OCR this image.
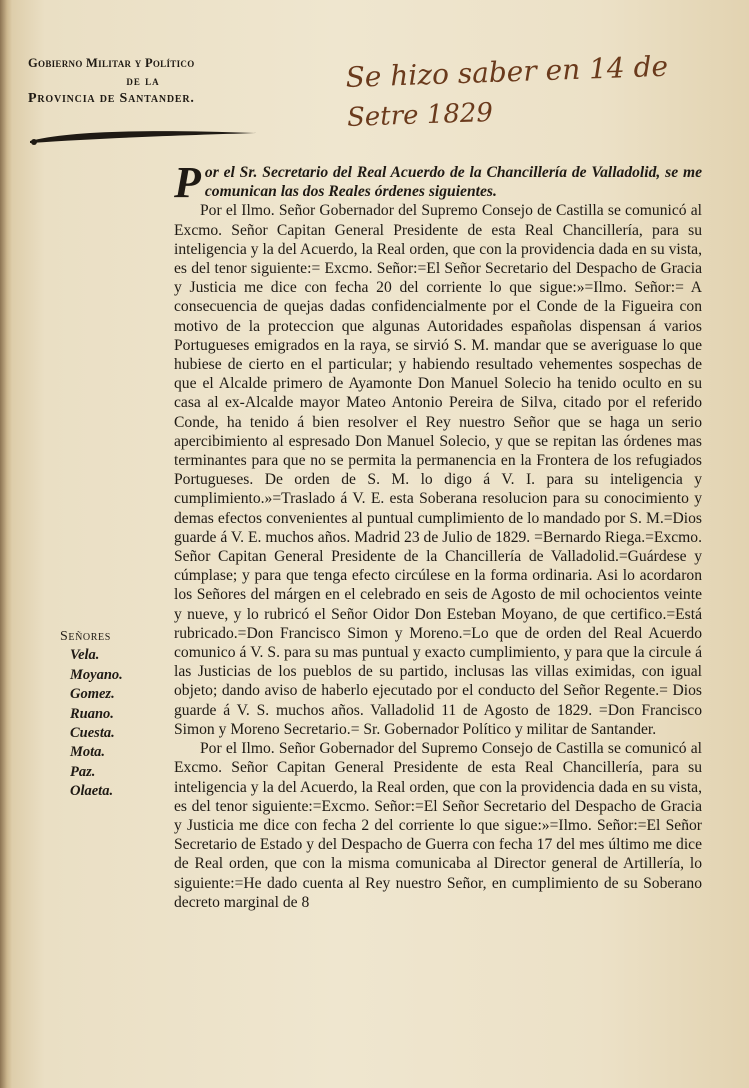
Gobierno Militar y Político
de la
Provincia de Santander.
Se hizo saber en 14 de
Setre 1829
Señores
Vela.
Moyano.
Gomez.
Ruano.
Cuesta.
Mota.
Paz.
Olaeta.

Por el Sr. Secretario del Real Acuerdo de la Chancillería de Valladolid, se me comunican las dos Reales órdenes siguientes.

Por el Ilmo. Señor Gobernador del Supremo Consejo de Castilla se comunicó al Excmo. Señor Capitan General Presidente de esta Real Chancillería, para su inteligencia y la del Acuerdo, la Real orden, que con la providencia dada en su vista, es del tenor siguiente:= Excmo. Señor:=El Señor Secretario del Despacho de Gracia y Justicia me dice con fecha 20 del corriente lo que sigue:»=Ilmo. Señor:= A consecuencia de quejas dadas confidencialmente por el Conde de la Figueira con motivo de la proteccion que algunas Autoridades españolas dispensan á varios Portugueses emigrados en la raya, se sirvió S. M. mandar que se averiguase lo que hubiese de cierto en el particular; y habiendo resultado vehementes sospechas de que el Alcalde primero de Ayamonte Don Manuel Solecio ha tenido oculto en su casa al ex-Alcalde mayor Mateo Antonio Pereira de Silva, citado por el referido Conde, ha tenido á bien resolver el Rey nuestro Señor que se haga un serio apercibimiento al espresado Don Manuel Solecio, y que se repitan las órdenes mas terminantes para que no se permita la permanencia en la Frontera de los refugiados Portugueses. De orden de S. M. lo digo á V. I. para su inteligencia y cumplimiento.»=Traslado á V. E. esta Soberana resolucion para su conocimiento y demas efectos convenientes al puntual cumplimiento de lo mandado por S. M.=Dios guarde á V. E. muchos años. Madrid 23 de Julio de 1829. =Bernardo Riega.=Excmo. Señor Capitan General Presidente de la Chancillería de Valladolid.=Guárdese y cúmplase; y para que tenga efecto circúlese en la forma ordinaria. Asi lo acordaron los Señores del márgen en el celebrado en seis de Agosto de mil ochocientos veinte y nueve, y lo rubricó el Señor Oidor Don Esteban Moyano, de que certifico.=Está rubricado.=Don Francisco Simon y Moreno.=Lo que de orden del Real Acuerdo comunico á V. S. para su mas puntual y exacto cumplimiento, y para que la circule á las Justicias de los pueblos de su partido, inclusas las villas eximidas, con igual objeto; dando aviso de haberlo ejecutado por el conducto del Señor Regente.= Dios guarde á V. S. muchos años. Valladolid 11 de Agosto de 1829. =Don Francisco Simon y Moreno Secretario.= Sr. Gobernador Político y militar de Santander.

Por el Ilmo. Señor Gobernador del Supremo Consejo de Castilla se comunicó al Excmo. Señor Capitan General Presidente de esta Real Chancillería, para su inteligencia y la del Acuerdo, la Real orden, que con la providencia dada en su vista, es del tenor siguiente:=Excmo. Señor:=El Señor Secretario del Despacho de Gracia y Justicia me dice con fecha 2 del corriente lo que sigue:»=Ilmo. Señor:=El Señor Secretario de Estado y del Despacho de Guerra con fecha 17 del mes último me dice de Real orden, que con la misma comunicaba al Director general de Artillería, lo siguiente:=He dado cuenta al Rey nuestro Señor, en cumplimiento de su Soberano decreto marginal de 8
